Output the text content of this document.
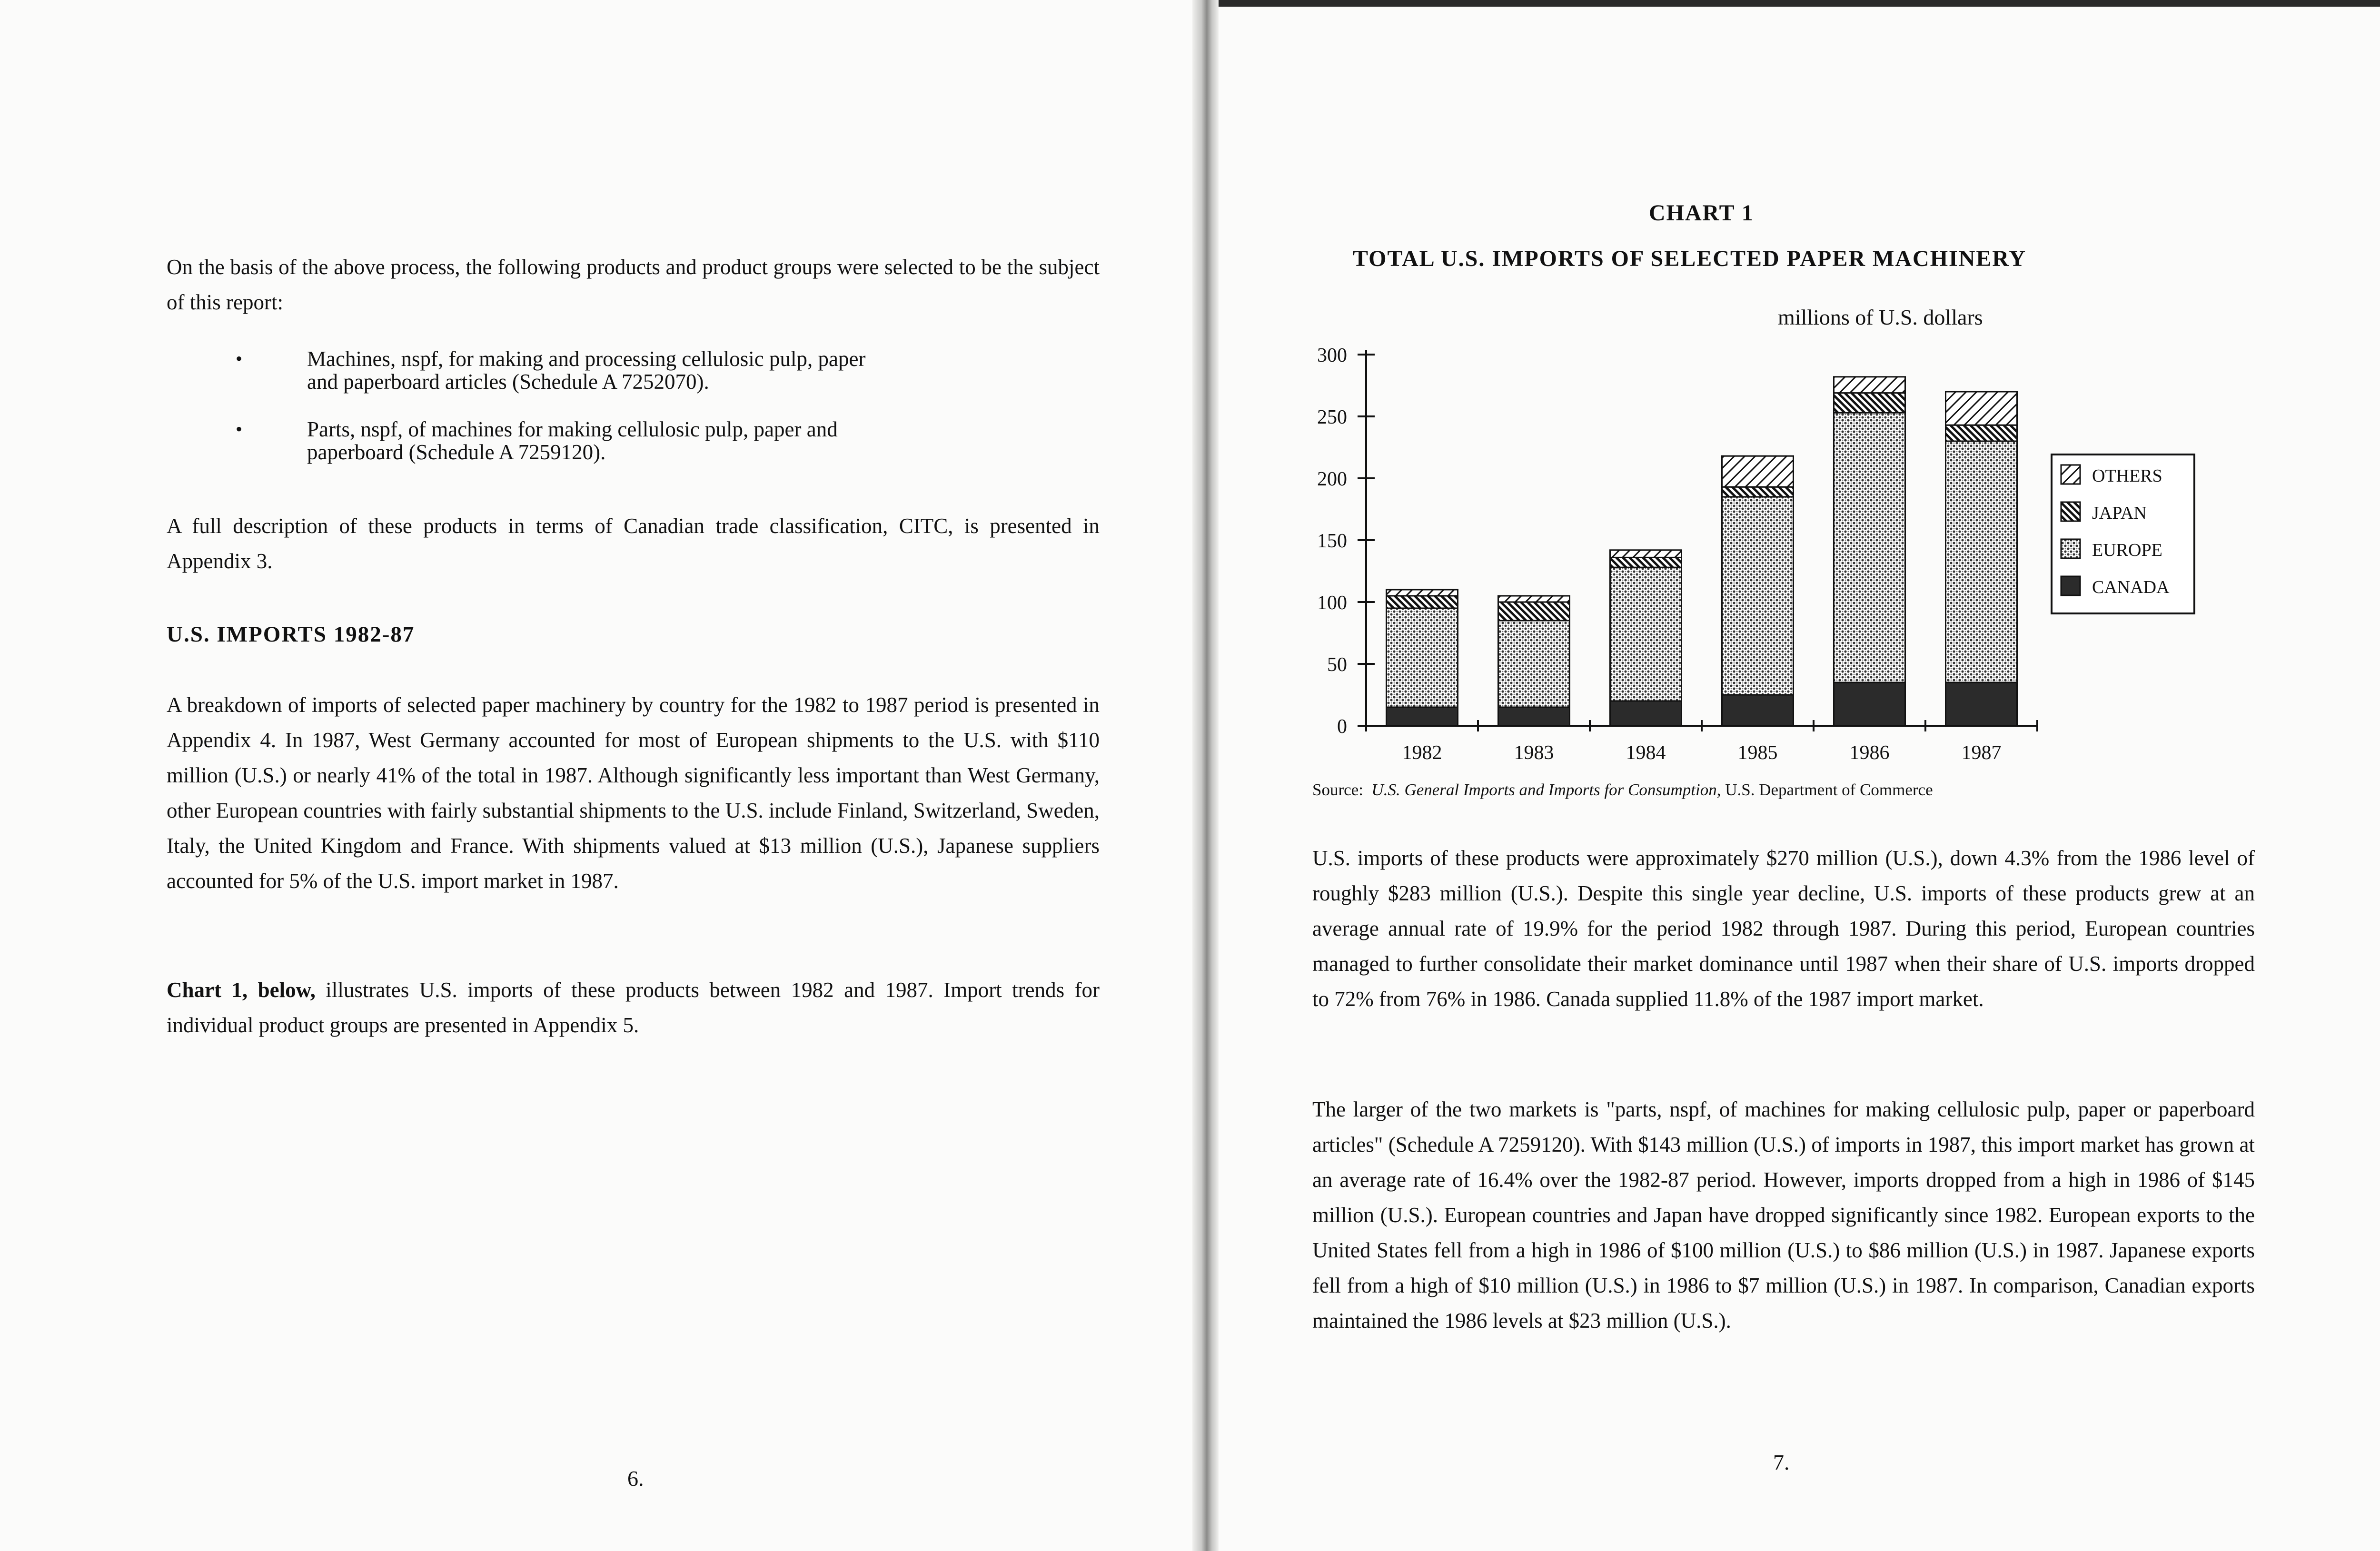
On the basis of the above process, the following products and product groups were selected to be the subject of this report:

•	Machines, nspf, for making and processing cellulosic pulp, paper
and paperboard articles (Schedule A 7252070).
•	Parts, nspf, of machines for making cellulosic pulp, paper and
paperboard (Schedule A 7259120).

A full description of these products in terms of Canadian trade classification, CITC, is presented in Appendix 3.

U.S. IMPORTS 1982-87

A breakdown of imports of selected paper machinery by country for the 1982 to 1987 period is presented in Appendix 4. In 1987, West Germany accounted for most of European shipments to the U.S. with $110 million (U.S.) or nearly 41% of the total in 1987. Although significantly less important than West Germany, other European countries with fairly substantial shipments to the U.S. include Finland, Switzerland, Sweden, Italy, the United Kingdom and France. With shipments valued at $13 million (U.S.), Japanese suppliers accounted for 5% of the U.S. import market in 1987.

Chart 1, below, illustrates U.S. imports of these products between 1982 and 1987. Import trends for individual product groups are presented in Appendix 5.

6.
CHART 1
TOTAL U.S. IMPORTS OF SELECTED PAPER MACHINERY
millions of U.S. dollars
0
50
100
150
200
250
300
1982	1983	1984	1985	1986	1987
OTHERS
JAPAN
EUROPE
CANADA
Source: U.S. General Imports and Imports for Consumption, U.S. Department of Commerce

U.S. imports of these products were approximately $270 million (U.S.), down 4.3% from the 1986 level of roughly $283 million (U.S.). Despite this single year decline, U.S. imports of these products grew at an average annual rate of 19.9% for the period 1982 through 1987. During this period, European countries managed to further consolidate their market dominance until 1987 when their share of U.S. imports dropped to 72% from 76% in 1986. Canada supplied 11.8% of the 1987 import market.

The larger of the two markets is "parts, nspf, of machines for making cellulosic pulp, paper or paperboard articles" (Schedule A 7259120). With $143 million (U.S.) of imports in 1987, this import market has grown at an average rate of 16.4% over the 1982-87 period. However, imports dropped from a high in 1986 of $145 million (U.S.). European countries and Japan have dropped significantly since 1982. European exports to the United States fell from a high in 1986 of $100 million (U.S.) to $86 million (U.S.) in 1987. Japanese exports fell from a high of $10 million (U.S.) in 1986 to $7 million (U.S.) in 1987. In comparison, Canadian exports maintained the 1986 levels at $23 million (U.S.).

7.
